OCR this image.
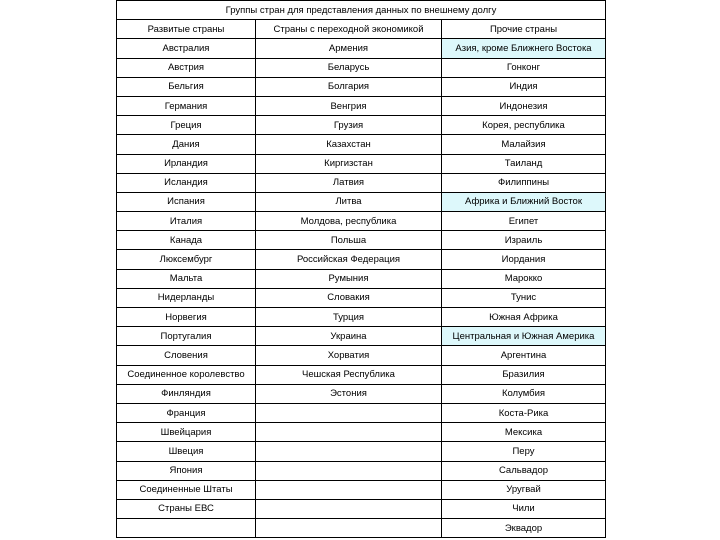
Группы стран для представления данных по внешнему долгу		
Развитые страны	Страны с переходной экономикой	Прочие страны
Австралия	Армения	Азия, кроме Ближнего Востока
Австрия	Беларусь	Гонконг
Бельгия	Болгария	Индия
Германия	Венгрия	Индонезия
Греция	Грузия	Корея, республика
Дания	Казахстан	Малайзия
Ирландия	Киргизстан	Таиланд
Исландия	Латвия	Филиппины
Испания	Литва	Африка и Ближний Восток
Италия	Молдова, республика	Египет
Канада	Польша	Израиль
Люксембург	Российская Федерация	Иордания
Мальта	Румыния	Марокко
Нидерланды	Словакия	Тунис
Норвегия	Турция	Южная Африка
Португалия	Украина	Центральная и Южная Америка
Словения	Хорватия	Аргентина
Соединенное королевство	Чешская Республика	Бразилия
Финляндия	Эстония	Колумбия
Франция		Коста-Рика
Швейцария		Мексика
Швеция		Перу
Япония		Сальвадор
Соединенные Штаты		Уругвай
Страны ЕВС		Чили
		Эквадор
